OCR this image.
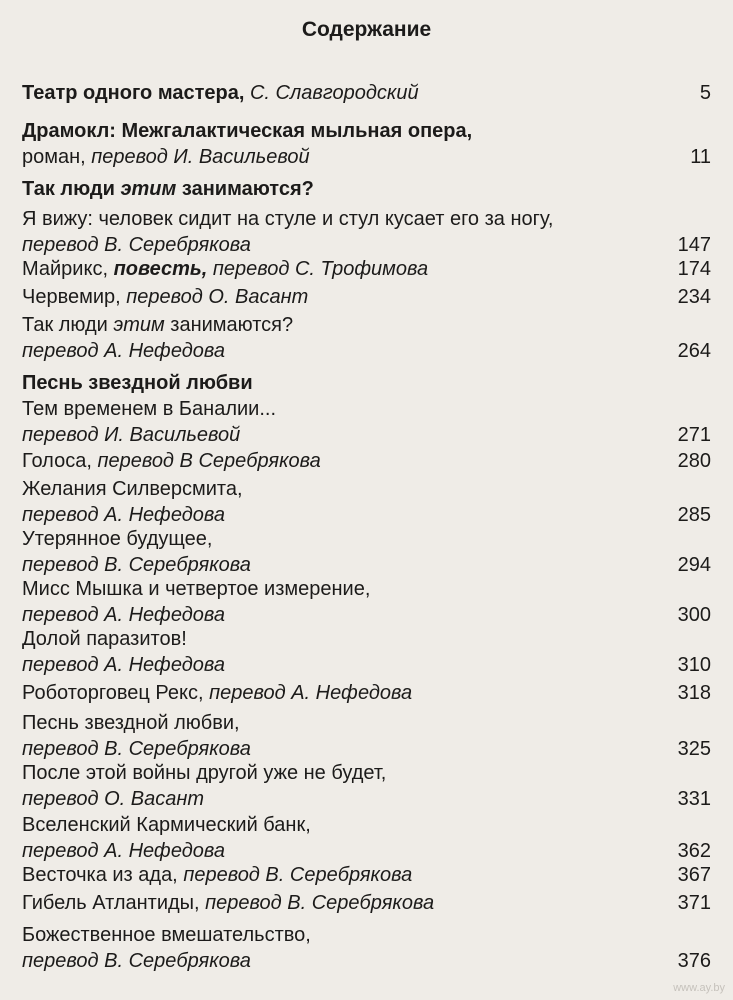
Содержание
Театр одного мастера, С. Славгородский	5
Драмокл: Межгалактическая мыльная опера,
роман, перевод И. Васильевой	11
Так люди этим занимаются?
Я вижу: человек сидит на стуле и стул кусает его за ногу,
перевод В. Серебрякова	147
Майрикс, повесть, перевод С. Трофимова	174
Червемир, перевод О. Васант	234
Так люди этим занимаются?
перевод А. Нефедова	264
Песнь звездной любви
Тем временем в Баналии...
перевод И. Васильевой	271
Голоса, перевод В Серебрякова	280
Желания Силверсмита,
перевод А. Нефедова	285
Утерянное будущее,
перевод В. Серебрякова	294
Мисс Мышка и четвертое измерение,
перевод А. Нефедова	300
Долой паразитов!
перевод А. Нефедова	310
Роботорговец Рекс, перевод А. Нефедова	318
Песнь звездной любви,
перевод В. Серебрякова	325
После этой войны другой уже не будет,
перевод О. Васант	331
Вселенский Кармический банк,
перевод А. Нефедова	362
Весточка из ада, перевод В. Серебрякова	367
Гибель Атлантиды, перевод В. Серебрякова	371
Божественное вмешательство,
перевод В. Серебрякова	376
www.ay.by
